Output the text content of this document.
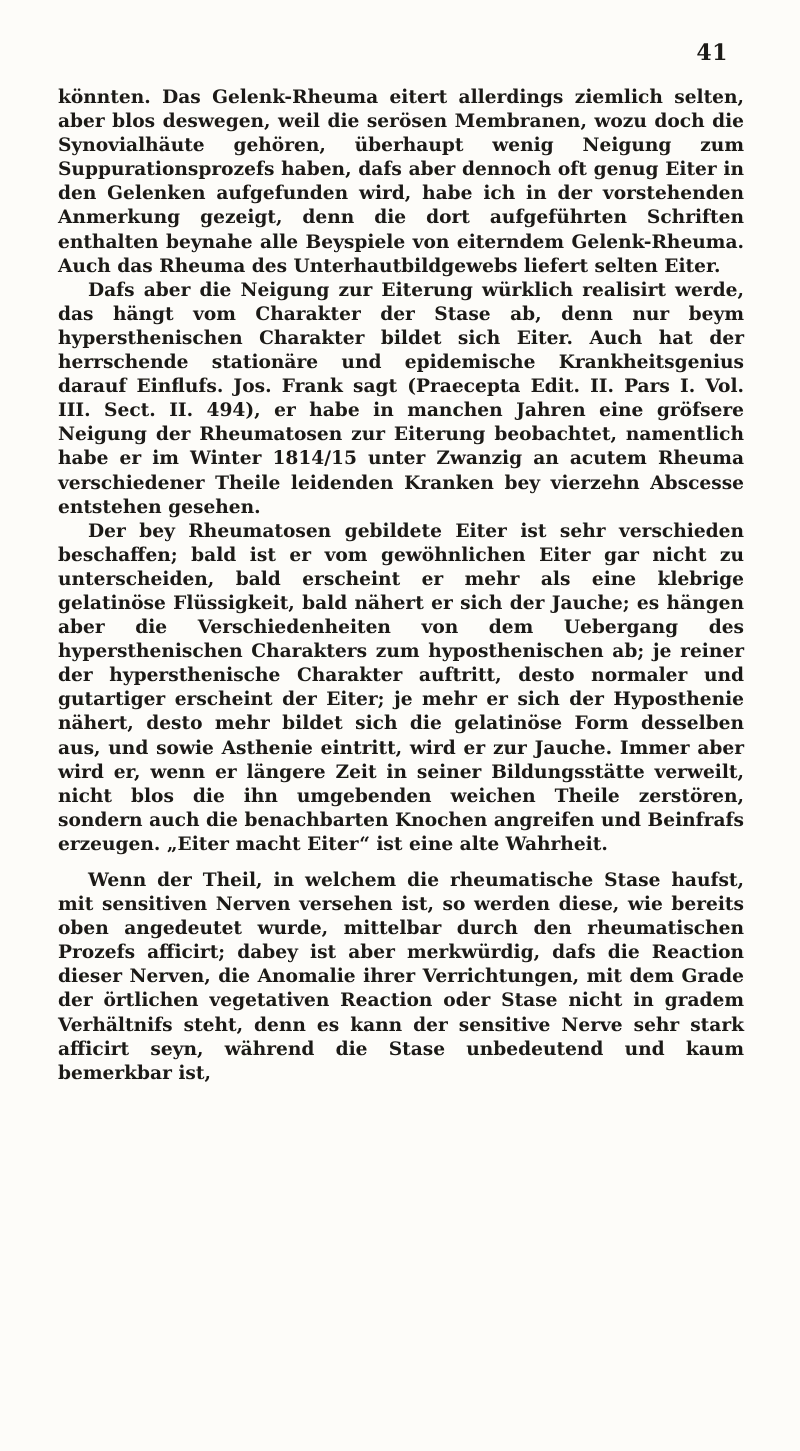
41

könnten. Das Gelenk-Rheuma eitert allerdings ziemlich selten, aber blos deswegen, weil die serösen Membranen, wozu doch die Synovialhäute gehören, überhaupt wenig Neigung zum Suppurationsprozefs haben, dafs aber dennoch oft genug Eiter in den Gelenken aufgefunden wird, habe ich in der vorstehenden Anmerkung gezeigt, denn die dort aufgeführten Schriften enthalten beynahe alle Beyspiele von eiterndem Gelenk-Rheuma. Auch das Rheuma des Unterhautbildgewebs liefert selten Eiter.

Dafs aber die Neigung zur Eiterung würklich realisirt werde, das hängt vom Charakter der Stase ab, denn nur beym hypersthenischen Charakter bildet sich Eiter. Auch hat der herrschende stationäre und epidemische Krankheitsgenius darauf Einflufs. Jos. Frank sagt (Praecepta Edit. II. Pars I. Vol. III. Sect. II. 494), er habe in manchen Jahren eine gröfsere Neigung der Rheumatosen zur Eiterung beobachtet, namentlich habe er im Winter 1814/15 unter Zwanzig an acutem Rheuma verschiedener Theile leidenden Kranken bey vierzehn Abscesse entstehen gesehen.

Der bey Rheumatosen gebildete Eiter ist sehr verschieden beschaffen; bald ist er vom gewöhnlichen Eiter gar nicht zu unterscheiden, bald erscheint er mehr als eine klebrige gelatinöse Flüssigkeit, bald nähert er sich der Jauche; es hängen aber die Verschiedenheiten von dem Uebergang des hypersthenischen Charakters zum hyposthenischen ab; je reiner der hypersthenische Charakter auftritt, desto normaler und gutartiger erscheint der Eiter; je mehr er sich der Hyposthenie nähert, desto mehr bildet sich die gelatinöse Form desselben aus, und sowie Asthenie eintritt, wird er zur Jauche. Immer aber wird er, wenn er längere Zeit in seiner Bildungsstätte verweilt, nicht blos die ihn umgebenden weichen Theile zerstören, sondern auch die benachbarten Knochen angreifen und Beinfrafs erzeugen. „Eiter macht Eiter“ ist eine alte Wahrheit.

Wenn der Theil, in welchem die rheumatische Stase haufst, mit sensitiven Nerven versehen ist, so werden diese, wie bereits oben angedeutet wurde, mittelbar durch den rheumatischen Prozefs afficirt; dabey ist aber merkwürdig, dafs die Reaction dieser Nerven, die Anomalie ihrer Verrichtungen, mit dem Grade der örtlichen vegetativen Reaction oder Stase nicht in gradem Verhältnifs steht, denn es kann der sensitive Nerve sehr stark afficirt seyn, während die Stase unbedeutend und kaum bemerkbar ist,
